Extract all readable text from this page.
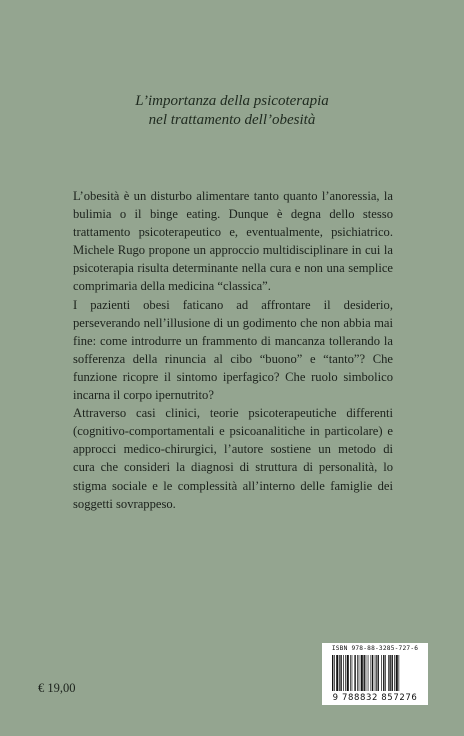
L’importanza della psicoterapia
nel trattamento dell’obesità

L’obesità è un disturbo alimentare tanto quanto l’anoressia, la bulimia o il binge eating. Dunque è degna dello stesso trattamento psicoterapeutico e, eventualmente, psichiatrico. Michele Rugo propone un approccio multidisciplinare in cui la psicoterapia risulta determinante nella cura e non una semplice comprimaria della medicina “classica”.

I pazienti obesi faticano ad affrontare il desiderio, perseverando nell’illusione di un godimento che non abbia mai fine: come introdurre un frammento di mancanza tollerando la sofferenza della rinuncia al cibo “buono” e “tanto”? Che funzione ricopre il sintomo iperfagico? Che ruolo simbolico incarna il corpo ipernutrito?

Attraverso casi clinici, teorie psicoterapeutiche differenti (cognitivo-comportamentali e psicoanalitiche in particolare) e approcci medico-chirurgici, l’autore sostiene un metodo di cura che consideri la diagnosi di struttura di personalità, lo stigma sociale e le complessità all’interno delle famiglie dei soggetti sovrappeso.

ISBN 978-88-3285-727-6
9 788832 857276
€ 19,00
